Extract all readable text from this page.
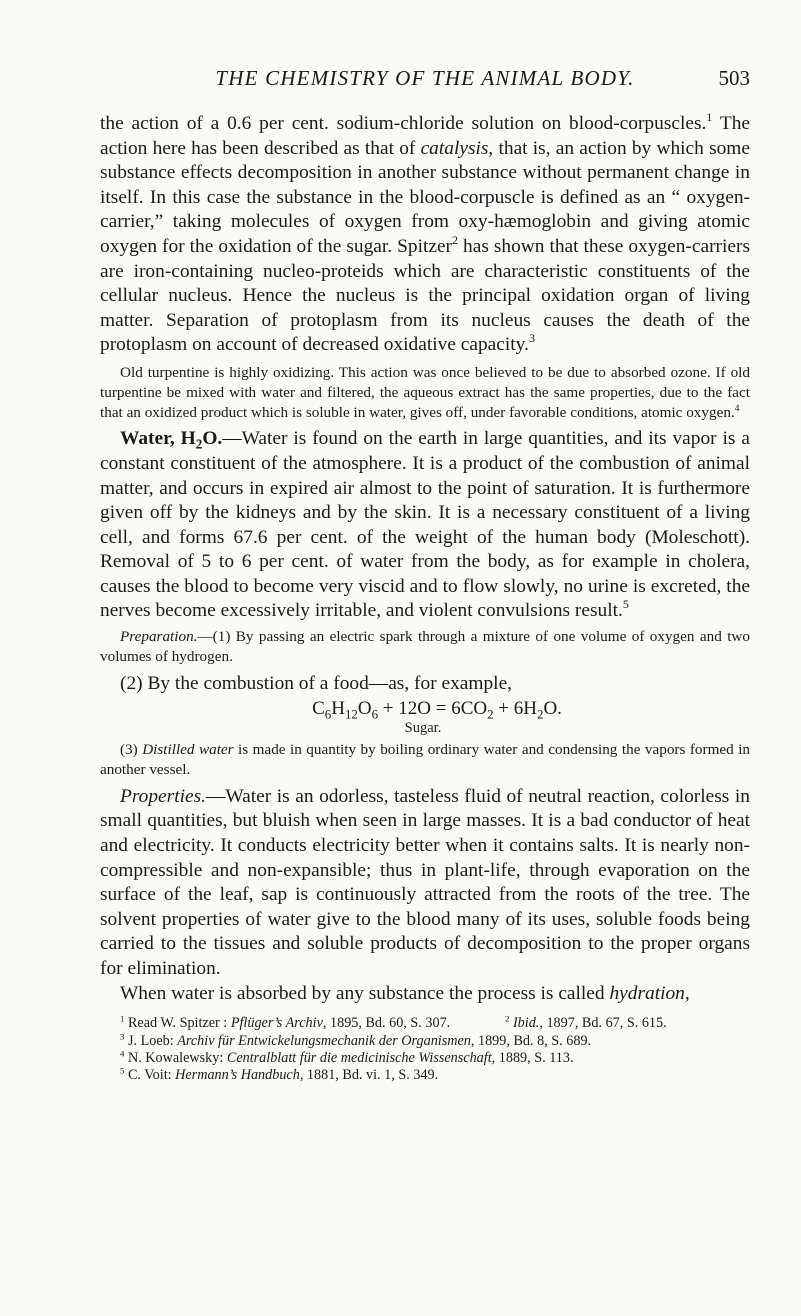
THE CHEMISTRY OF THE ANIMAL BODY.	503

the action of a 0.6 per cent. sodium-chloride solution on blood-corpuscles.$^1$ The action here has been described as that of catalysis, that is, an action by which some substance effects decomposition in another substance without permanent change in itself. In this case the substance in the blood-corpuscle is defined as an “ oxygen-carrier,” taking molecules of oxygen from oxy-hæmoglobin and giving atomic oxygen for the oxidation of the sugar. Spitzer$^2$ has shown that these oxygen-carriers are iron-containing nucleo-proteids which are characteristic constituents of the cellular nucleus. Hence the nucleus is the principal oxidation organ of living matter. Separation of protoplasm from its nucleus causes the death of the protoplasm on account of decreased oxidative capacity.$^3$

Old turpentine is highly oxidizing. This action was once believed to be due to absorbed ozone. If old turpentine be mixed with water and filtered, the aqueous extract has the same properties, due to the fact that an oxidized product which is soluble in water, gives off, under favorable conditions, atomic oxygen.$^4$

Water, $H_2O.—Water$ is found on the earth in large quantities, and its vapor is a constant constituent of the atmosphere. It is a product of the combustion of animal matter, and occurs in expired air almost to the point of saturation. It is furthermore given off by the kidneys and by the skin. It is a necessary constituent of a living cell, and forms 67.6 per cent. of the weight of the human body (Moleschott). Removal of 5 to 6 per cent. of water from the body, as for example in cholera, causes the blood to become very viscid and to flow slowly, no urine is excreted, the nerves become excessively irritable, and violent convulsions result.$^5$

Preparation.—(1) By passing an electric spark through a mixture of one volume of oxygen and two volumes of hydrogen.

(2) By the combustion of a food—as, for example,

$C_6H_{12}O_6 + 12O = 6CO_2 + 6H_2O$.
Sugar.

(3) Distilled water is made in quantity by boiling ordinary water and condensing the vapors formed in another vessel.

Properties.—Water is an odorless, tasteless fluid of neutral reaction, colorless in small quantities, but bluish when seen in large masses. It is a bad conductor of heat and electricity. It conducts electricity better when it contains salts. It is nearly non-compressible and non-expansible; thus in plant-life, through evaporation on the surface of the leaf, sap is continuously attracted from the roots of the tree. The solvent properties of water give to the blood many of its uses, soluble foods being carried to the tissues and soluble products of decomposition to the proper organs for elimination.

When water is absorbed by any substance the process is called hydration,

$^1$ Read W. Spitzer : Pflüger’s Archiv, 1895, Bd. 60, S. 307.	$^2$ Ibid., 1897, Bd. 67, S. 615.
$^3$ J. Loeb: Archiv für Entwickelungsmechanik der Organismen, 1899, Bd. 8, S. 689.
$^4$ N. Kowalewsky: Centralblatt für die medicinische Wissenschaft, 1889, S. 113.
$^5$ C. Voit: Hermann’s Handbuch, 1881, Bd. vi. 1, S. 349.
